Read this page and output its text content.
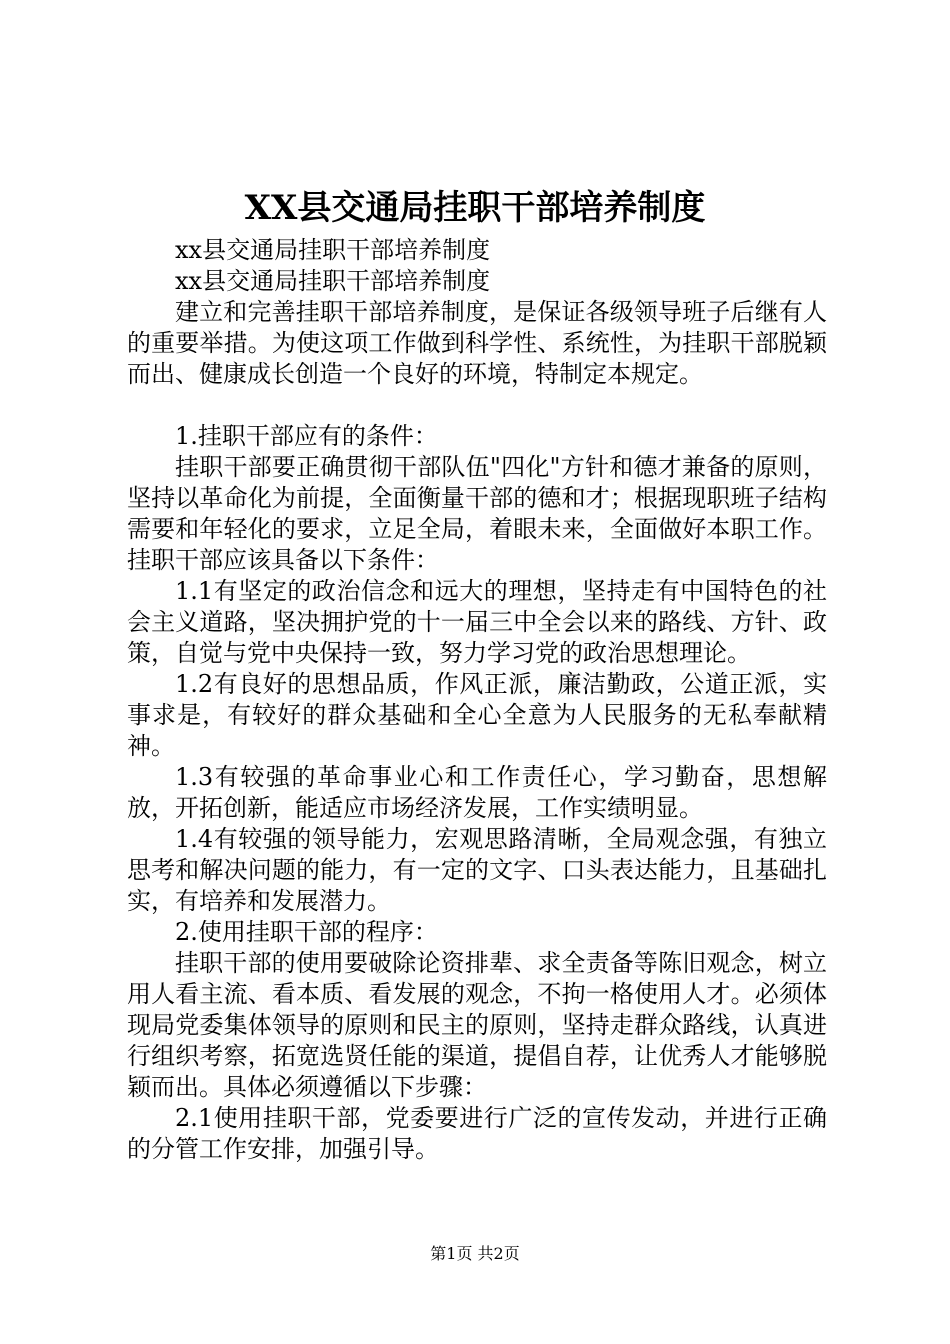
XX县交通局挂职干部培养制度

xx县交通局挂职干部培养制度

xx县交通局挂职干部培养制度

建立和完善挂职干部培养制度，是保证各级领导班子后继有人的重要举措。为使这项工作做到科学性、系统性，为挂职干部脱颖而出、健康成长创造一个良好的环境，特制定本规定。

1.挂职干部应有的条件：

挂职干部要正确贯彻干部队伍"四化"方针和德才兼备的原则，坚持以革命化为前提，全面衡量干部的德和才；根据现职班子结构需要和年轻化的要求，立足全局，着眼未来，全面做好本职工作。挂职干部应该具备以下条件：

1.1有坚定的政治信念和远大的理想，坚持走有中国特色的社会主义道路，坚决拥护党的十一届三中全会以来的路线、方针、政策，自觉与党中央保持一致，努力学习党的政治思想理论。

1.2有良好的思想品质，作风正派，廉洁勤政，公道正派，实事求是，有较好的群众基础和全心全意为人民服务的无私奉献精神。

1.3有较强的革命事业心和工作责任心，学习勤奋，思想解放，开拓创新，能适应市场经济发展，工作实绩明显。

1.4有较强的领导能力，宏观思路清晰，全局观念强，有独立思考和解决问题的能力，有一定的文字、口头表达能力，且基础扎实，有培养和发展潜力。

2.使用挂职干部的程序：

挂职干部的使用要破除论资排辈、求全责备等陈旧观念，树立用人看主流、看本质、看发展的观念，不拘一格使用人才。必须体现局党委集体领导的原则和民主的原则，坚持走群众路线，认真进行组织考察，拓宽选贤任能的渠道，提倡自荐，让优秀人才能够脱颖而出。具体必须遵循以下步骤：

2.1使用挂职干部，党委要进行广泛的宣传发动，并进行正确的分管工作安排，加强引导。

第1页 共2页
